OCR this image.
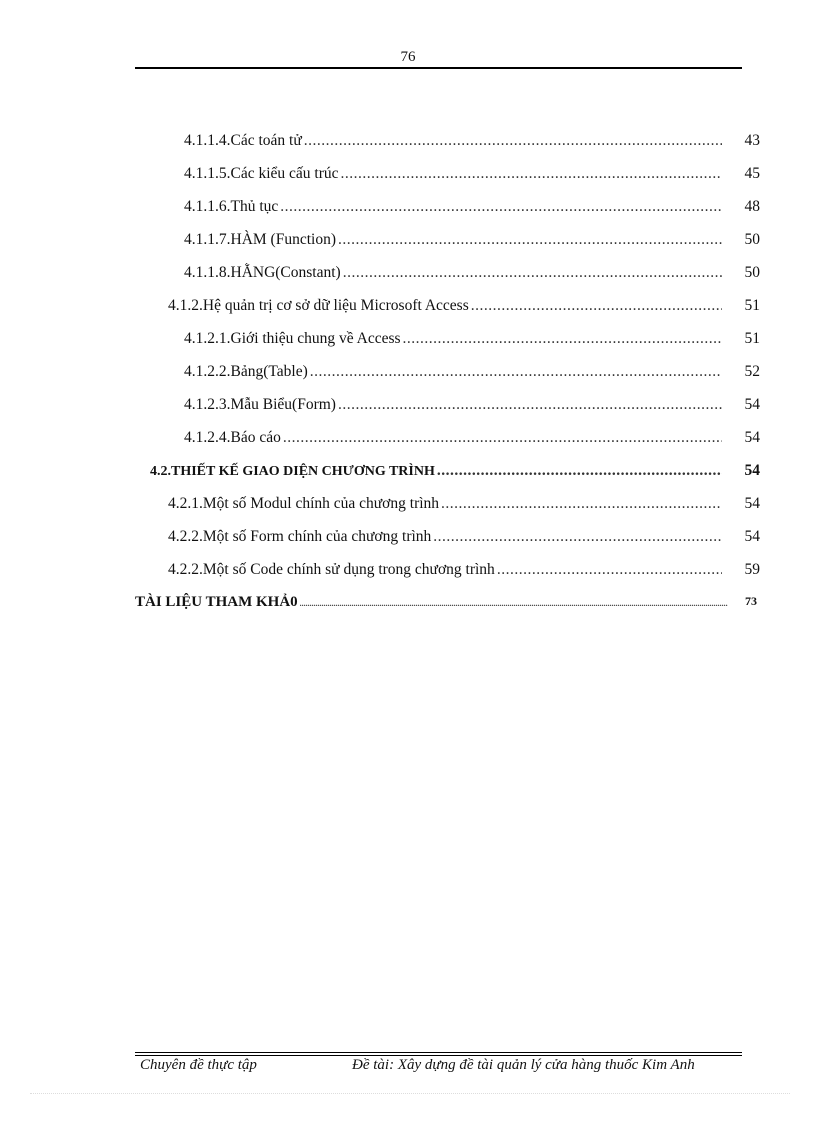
76
4.1.1.4.Các toán tử .....	43
4.1.1.5.Các kiểu cấu trúc .....	45
4.1.1.6.Thủ tục .....	48
4.1.1.7.HÀM (Function) .....	50
4.1.1.8.HẰNG(Constant) .....	50
4.1.2.Hệ quản trị cơ sở dữ liệu Microsoft Access .....	51
4.1.2.1.Giới thiệu chung về Access .....	51
4.1.2.2.Bảng(Table) .....	52
4.1.2.3.Mẫu Biểu(Form) .....	54
4.1.2.4.Báo cáo .....	54
4.2.THIẾT KẾ GIAO DIỆN CHƯƠNG TRÌNH .....	54
4.2.1.Một số Modul chính của chương trình .....	54
4.2.2.Một số Form chính của chương trình .....	54
4.2.2.Một số Code chính sử dụng trong chương trình .....	59
TÀI LIỆU THAM KHẢ0 .....	73
Chuyên đề thực tập	Đề tài: Xây dựng đề tài quản lý cửa hàng thuốc Kim Anh
